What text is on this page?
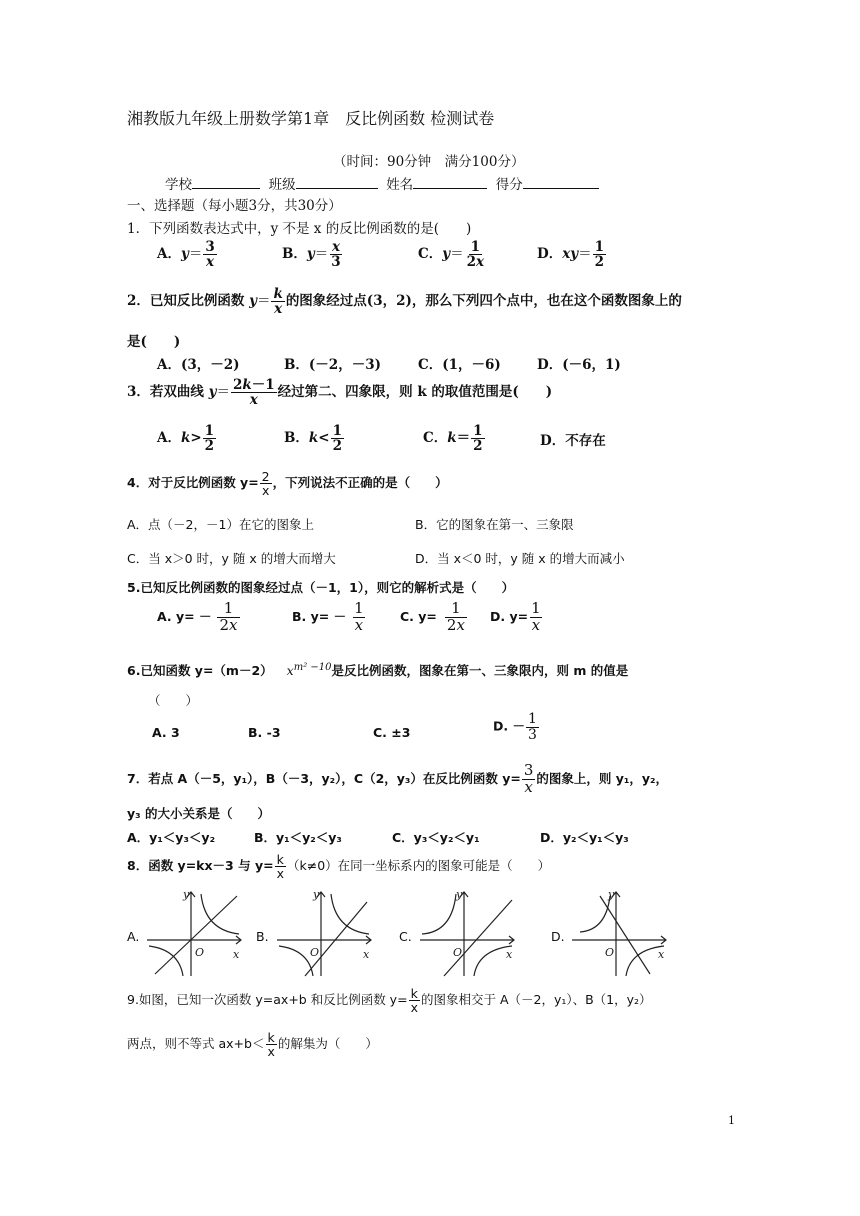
湘教版九年级上册数学第1章　反比例函数 检测试卷
（时间：90分钟　满分100分）
学校	班级	姓名	得分
一、选择题（每小题3分，共30分）
1．下列函数表达式中，y 不是 x 的反比例函数的是(　　)
A．$y= \frac{3}{x}$	B．$y= \frac{x}{3}$	C．$y= \frac{1}{2x}$	D．$xy= \frac{1}{2}$
2．已知反比例函数 $y= \frac{k}{x}$ 的图象经过点(3，2)，那么下列四个点中，也在这个函数图象上的
是(　　)
A．(3，－2)	B．(－2，－3)	C．(1，－6)	D．(－6，1)
3．若双曲线 $y= \frac{2k-1}{x}$ 经过第二、四象限，则 k 的取值范围是(　　)
A．$k> \frac{1}{2}$	B．$k< \frac{1}{2}$	C．$k= \frac{1}{2}$	D．不存在
4．对于反比例函数 $y= \frac{2}{x}$ ，下列说法不正确的是（　　）
A．点（－2，－1）在它的图象上	B．它的图象在第一、三象限
C．当 x＞0 时，y 随 x 的增大而增大	D．当 x＜0 时，y 随 x 的增大而减小
5.已知反比例函数的图象经过点（－1，1），则它的解析式是（　　）
A. $y= - \frac{1}{2x}$	B. $y= - \frac{1}{x}$	C. $y= \frac{1}{2x} D$. $y= \frac{1}{x}$
6.已知函数 y=（m－2） $x^{m^2 -10}$是反比例函数，图象在第一、三象限内，则 m 的值是
（　　）
A. 3	B. -3	C. ±3	D. － $\frac{1}{3}$
7．若点 A（－5，y₁），B（－3，y₂），C（2，y₃）在反比例函数 $y= \frac{3}{x}$ 的图象上，则 y₁，y₂，
y₃ 的大小关系是（　　）
A．y₁＜y₃＜y₂	B．y₁＜y₂＜y₃	C．y₃＜y₂＜y₁	D．y₂＜y₁＜y₃
8．函数 y=kx－3 与 $y= \frac{k}{x} (k\ne 0)$在同一坐标系内的图象可能是（　　）
A.	B.	C.	D.
y
O	x
y
O	x
y
O	x
y
O	x
9.如图，已知一次函数 y=ax+b 和反比例函数 $y= \frac{k}{x}$ 的图象相交于 A（－2，y₁）、B（1，y₂）
两点，则不等式 $ax+b< \frac{k}{x}$ 的解集为（　　）
1
